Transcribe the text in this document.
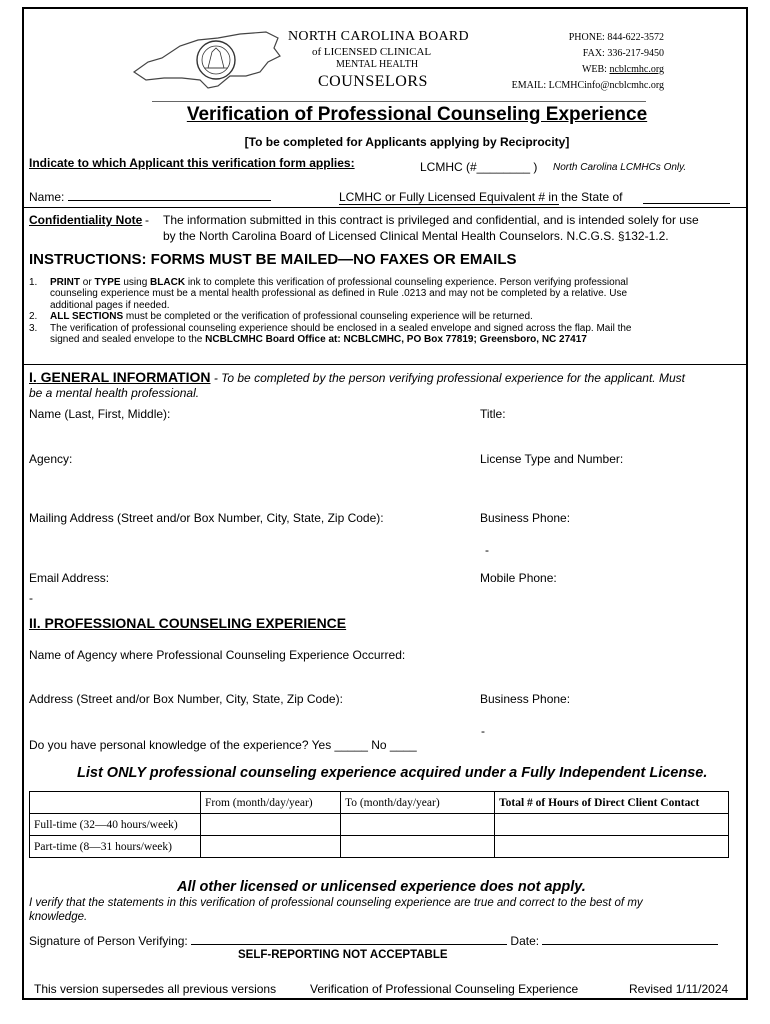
NORTH CAROLINA BOARD
of LICENSED CLINICAL
MENTAL HEALTH
COUNSELORS
PHONE: 844-622-3572
FAX: 336-217-9450
WEB: ncblcmhc.org
EMAIL: LCMHCinfo@ncblcmhc.org
Verification of Professional Counseling Experience
[To be completed for Applicants applying by Reciprocity]
Indicate to which Applicant this verification form applies:	LCMHC (#________ ) North Carolina LCMHCs Only.
Name:	LCMHC or Fully Licensed Equivalent # in the State of
Confidentiality Note - The information submitted in this contract is privileged and confidential, and is intended solely for use
by the North Carolina Board of Licensed Clinical Mental Health Counselors. N.C.G.S. §132-1.2.
INSTRUCTIONS: FORMS MUST BE MAILED—NO FAXES OR EMAILS
1. PRINT or TYPE using BLACK ink to complete this verification of professional counseling experience. Person verifying professional
counseling experience must be a mental health professional as defined in Rule .0213 and may not be completed by a relative. Use
additional pages if needed.
2. ALL SECTIONS must be completed or the verification of professional counseling experience will be returned.
3. The verification of professional counseling experience should be enclosed in a sealed envelope and signed across the flap. Mail the
signed and sealed envelope to the NCBLCMHC Board Office at: NCBLCMHC, PO Box 77819; Greensboro, NC 27417
I. GENERAL INFORMATION - To be completed by the person verifying professional experience for the applicant. Must
be a mental health professional.
Name (Last, First, Middle):	Title:
Agency:	License Type and Number:
Mailing Address (Street and/or Box Number, City, State, Zip Code):	Business Phone:
-
Email Address:	Mobile Phone:
-
II. PROFESSIONAL COUNSELING EXPERIENCE
Name of Agency where Professional Counseling Experience Occurred:
Address (Street and/or Box Number, City, State, Zip Code):	Business Phone:
-
Do you have personal knowledge of the experience? Yes _____ No ____
List ONLY professional counseling experience acquired under a Fully Independent License.
	From (month/day/year)	To (month/day/year)	Total # of Hours of Direct Client Contact
Full-time (32—40 hours/week)			
Part-time (8—31 hours/week)			
All other licensed or unlicensed experience does not apply.
I verify that the statements in this verification of professional counseling experience are true and correct to the best of my
knowledge.
Signature of Person Verifying:	Date:
SELF-REPORTING NOT ACCEPTABLE
This version supersedes all previous versions	Verification of Professional Counseling Experience	Revised 1/11/2024
